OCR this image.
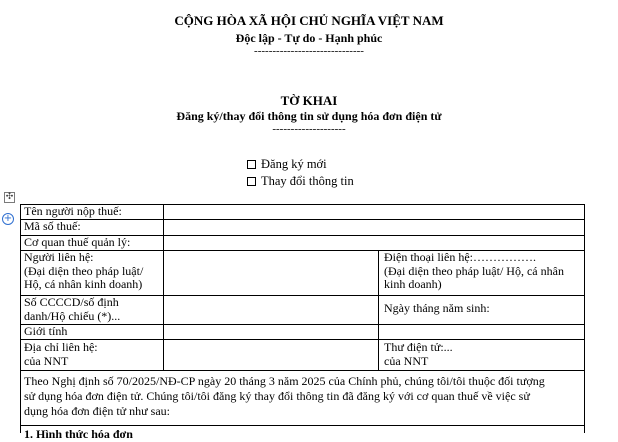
CỘNG HÒA XÃ HỘI CHỦ NGHĨA VIỆT NAM
Độc lập - Tự do - Hạnh phúc
------------------------------
TỜ KHAI
Đăng ký/thay đổi thông tin sử dụng hóa đơn điện tử
--------------------
Đăng ký mới
Thay đổi thông tin
✣
+
Tên người nộp thuế:
Mã số thuế:
Cơ quan thuế quản lý:
Người liên hệ:
(Đại diện theo pháp luật/
Hộ, cá nhân kinh doanh)
Điện thoại liên hệ:…………….
(Đại diện theo pháp luật/ Hộ, cá nhân
kinh doanh)
Số CCCCD/số định
danh/Hộ chiếu (*)...
Ngày tháng năm sinh:
Giới tính
Địa chỉ liên hệ:
của NNT
Thư điện tử:...
của NNT
Theo Nghị định số 70/2025/NĐ-CP ngày 20 tháng 3 năm 2025 của Chính phủ, chúng tôi/tôi thuộc đối tượng
sử dụng hóa đơn điện tử. Chúng tôi/tôi đăng ký thay đổi thông tin đã đăng ký với cơ quan thuế về việc sử
dụng hóa đơn điện tử như sau:
1. Hình thức hóa đơn
